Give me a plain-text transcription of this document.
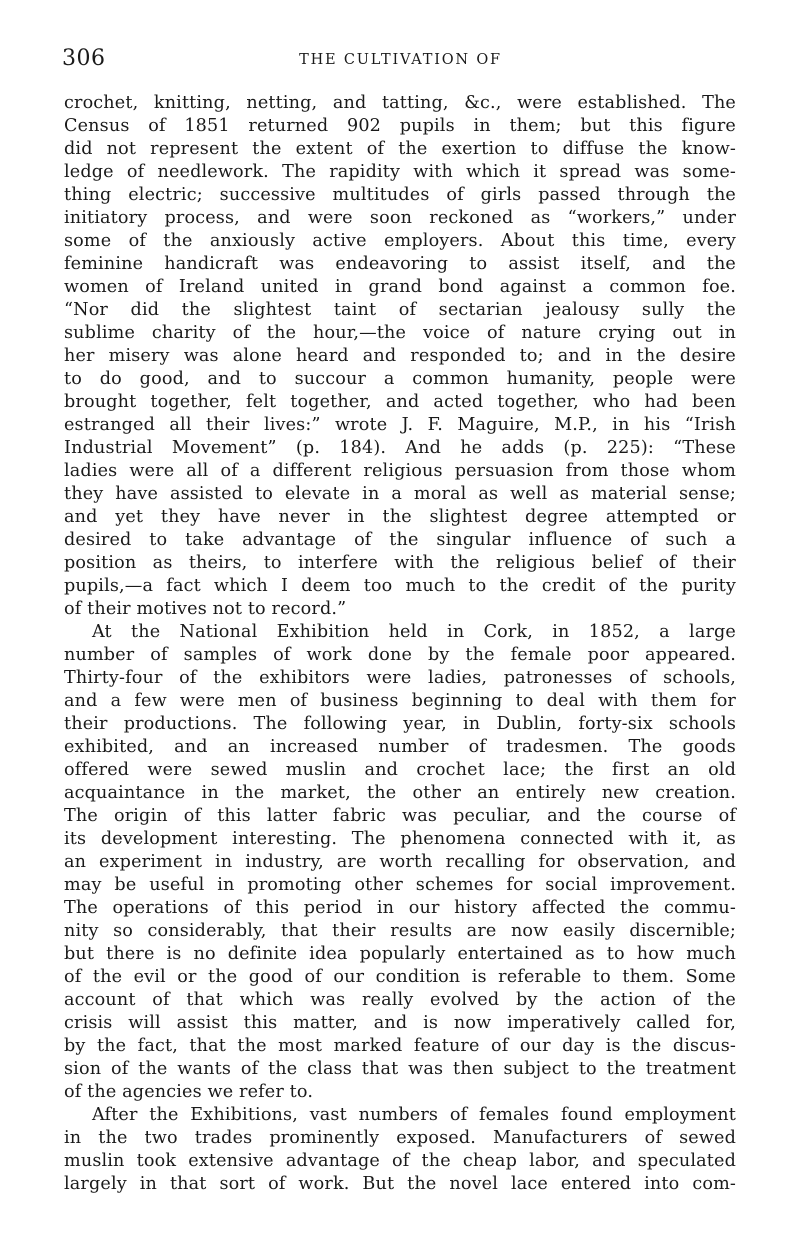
306	THE CULTIVATION OF
crochet, knitting, netting, and tatting, &c., were established. The
Census of 1851 returned 902 pupils in them; but this figure
did not represent the extent of the exertion to diffuse the know-
ledge of needlework. The rapidity with which it spread was some-
thing electric; successive multitudes of girls passed through the
initiatory process, and were soon reckoned as “workers,” under
some of the anxiously active employers. About this time, every
feminine handicraft was endeavoring to assist itself, and the
women of Ireland united in grand bond against a common foe.
“Nor did the slightest taint of sectarian jealousy sully the
sublime charity of the hour,—the voice of nature crying out in
her misery was alone heard and responded to; and in the desire
to do good, and to succour a common humanity, people were
brought together, felt together, and acted together, who had been
estranged all their lives:” wrote J. F. Maguire, M.P., in his “Irish
Industrial Movement” (p. 184). And he adds (p. 225): “These
ladies were all of a different religious persuasion from those whom
they have assisted to elevate in a moral as well as material sense;
and yet they have never in the slightest degree attempted or
desired to take advantage of the singular influence of such a
position as theirs, to interfere with the religious belief of their
pupils,—a fact which I deem too much to the credit of the purity
of their motives not to record.”
At the National Exhibition held in Cork, in 1852, a large
number of samples of work done by the female poor appeared.
Thirty-four of the exhibitors were ladies, patronesses of schools,
and a few were men of business beginning to deal with them for
their productions. The following year, in Dublin, forty-six schools
exhibited, and an increased number of tradesmen. The goods
offered were sewed muslin and crochet lace; the first an old
acquaintance in the market, the other an entirely new creation.
The origin of this latter fabric was peculiar, and the course of
its development interesting. The phenomena connected with it, as
an experiment in industry, are worth recalling for observation, and
may be useful in promoting other schemes for social improvement.
The operations of this period in our history affected the commu-
nity so considerably, that their results are now easily discernible;
but there is no definite idea popularly entertained as to how much
of the evil or the good of our condition is referable to them. Some
account of that which was really evolved by the action of the
crisis will assist this matter, and is now imperatively called for,
by the fact, that the most marked feature of our day is the discus-
sion of the wants of the class that was then subject to the treatment
of the agencies we refer to.
After the Exhibitions, vast numbers of females found employment
in the two trades prominently exposed. Manufacturers of sewed
muslin took extensive advantage of the cheap labor, and speculated
largely in that sort of work. But the novel lace entered into com-
